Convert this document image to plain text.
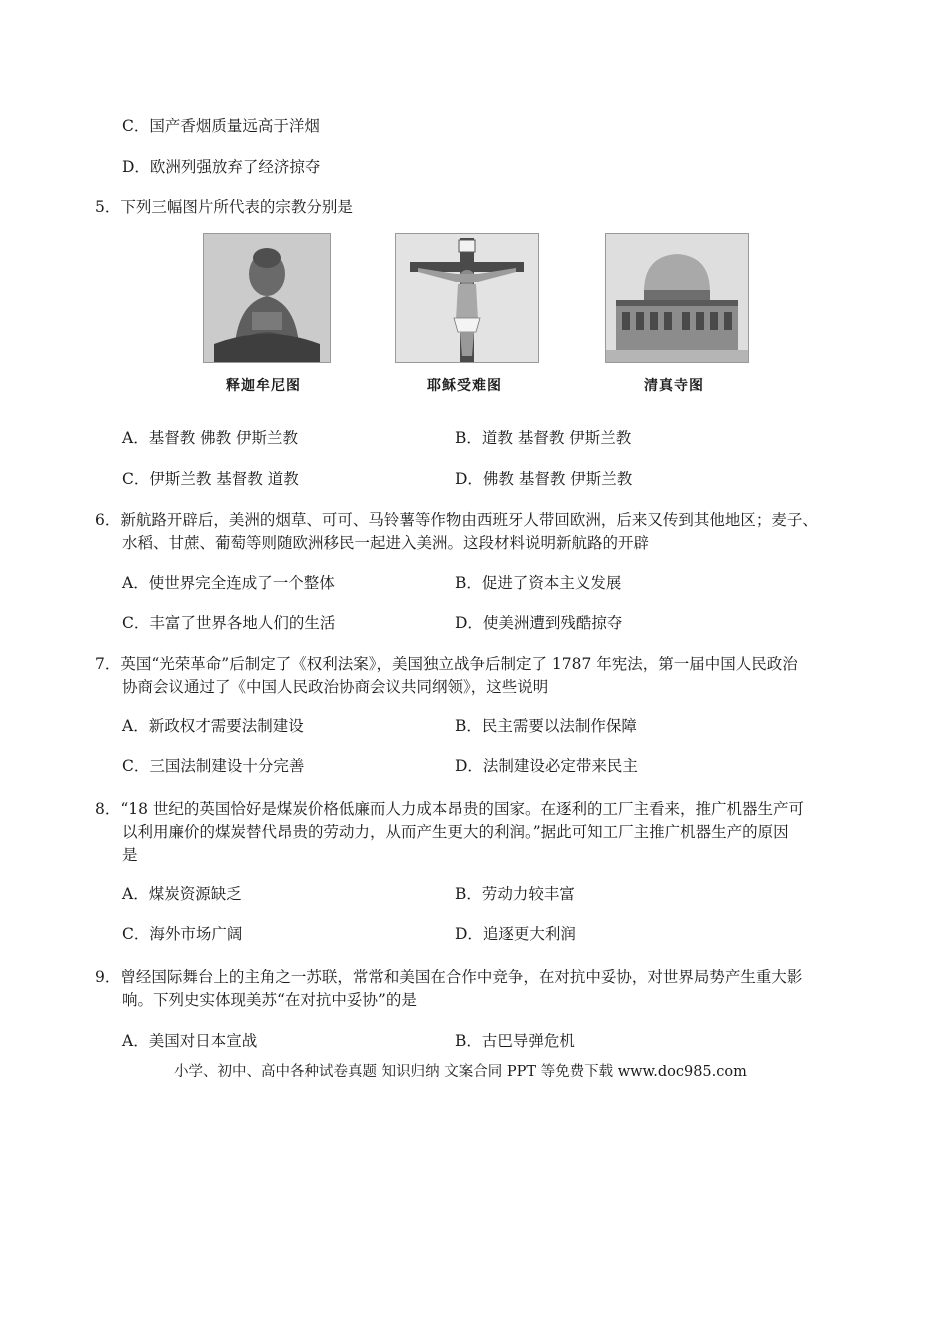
C．国产香烟质量远高于洋烟
D．欧洲列强放弃了经济掠夺
5．下列三幅图片所代表的宗教分别是
释迦牟尼图	耶稣受难图	清真寺图
A．基督教 佛教 伊斯兰教	B．道教 基督教 伊斯兰教
C．伊斯兰教 基督教 道教	D．佛教 基督教 伊斯兰教
6．新航路开辟后，美洲的烟草、可可、马铃薯等作物由西班牙人带回欧洲，后来又传到其他地区；麦子、
水稻、甘蔗、葡萄等则随欧洲移民一起进入美洲。这段材料说明新航路的开辟
A．使世界完全连成了一个整体	B．促进了资本主义发展
C．丰富了世界各地人们的生活	D．使美洲遭到残酷掠夺
7．英国“光荣革命”后制定了《权利法案》，美国独立战争后制定了 1787 年宪法，第一届中国人民政治
协商会议通过了《中国人民政治协商会议共同纲领》，这些说明
A．新政权才需要法制建设	B．民主需要以法制作保障
C．三国法制建设十分完善	D．法制建设必定带来民主
8．“18 世纪的英国恰好是煤炭价格低廉而人力成本昂贵的国家。在逐利的工厂主看来，推广机器生产可
以利用廉价的煤炭替代昂贵的劳动力，从而产生更大的利润。”据此可知工厂主推广机器生产的原因
是
A．煤炭资源缺乏	B．劳动力较丰富
C．海外市场广阔	D．追逐更大利润
9．曾经国际舞台上的主角之一苏联，常常和美国在合作中竞争，在对抗中妥协，对世界局势产生重大影
响。下列史实体现美苏“在对抗中妥协”的是
A．美国对日本宣战	B．古巴导弹危机
小学、初中、高中各种试卷真题 知识归纳 文案合同 PPT 等免费下载 www.doc985.com
